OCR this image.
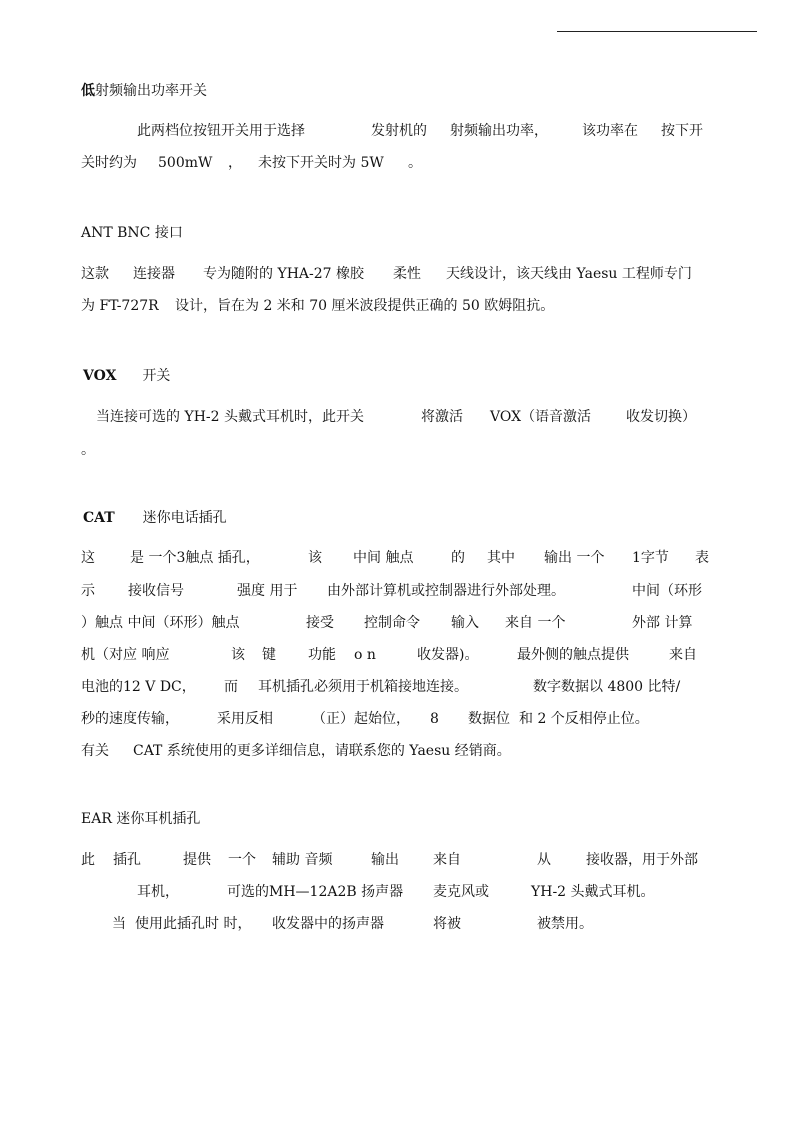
低射频输出功率开关
此两档位按钮开关用于选择	发射机的 射频输出功率， 该功率在 按下开
关时约为 500mW ， 未按下开关时为 5W 。
ANT BNC 接口
这款 连接器 专为随附的 YHA-27 橡胶 柔性 天线设计，该天线由 Yaesu 工程师专门
为 FT-727R 设计，旨在为 2 米和 70 厘米波段提供正确的 50 欧姆阻抗。
VOX 开关
当连接可选的 YH-2 头戴式耳机时，此开关	将激活 VOX（语音激活 收发切换）
。
CAT 迷你电话插孔
这	是 一个3触点 插孔，	该 中间 触点	的 其中 输出 一个 1字节 表
示 接收信号	强度 用于 由外部计算机或控制器进行外部处理。	中间（环形
）触点 中间（环形）触点	接受 控制命令 输入 来自 一个	外部 计算
机（对应 响应	该 键 功能 o n	收发器)。	最外侧的触点提供	来自
电池的12 V DC， 而 耳机插孔必须用于机箱接地连接。	数字数据以 4800 比特/
秒的速度传输，	采用反相	（正）起始位， 8 数据位 和 2 个反相停止位。
有关 CAT 系统使用的更多详细信息，请联系您的 Yaesu 经销商。
EAR 迷你耳机插孔
此 插孔	提供 一个 辅助 音频	输出 来自	从	接收器，用于外部
耳机，	可选的MH—12A2B 扬声器 麦克风或	YH-2 头戴式耳机。
当 使用此插孔时 时， 收发器中的扬声器	将被	被禁用。
